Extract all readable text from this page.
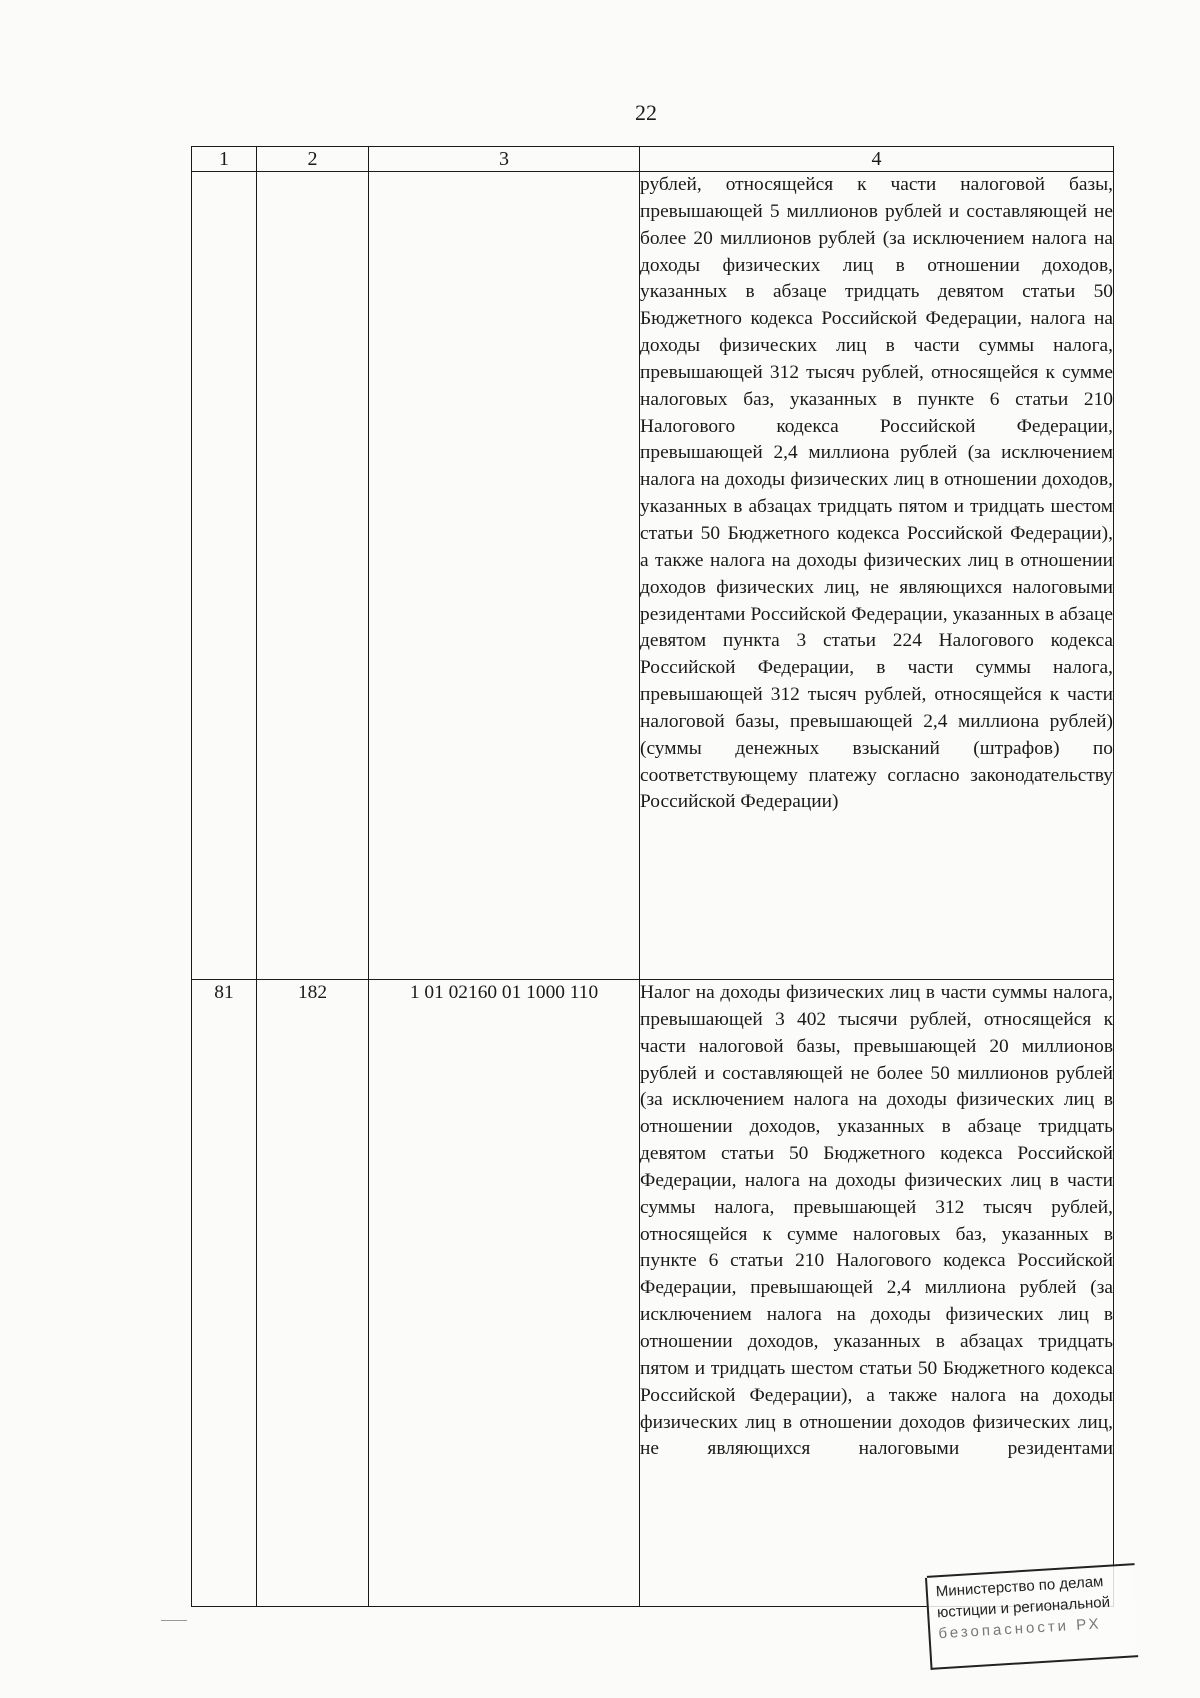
22
1	2	3	4
			рублей, относящейся к части налоговой базы, превышающей 5 миллионов рублей и составляющей не более 20 миллионов рублей (за исключением налога на доходы физических лиц в отношении доходов, указанных в абзаце тридцать девятом статьи 50 Бюджетного кодекса Российской Федерации, налога на доходы физических лиц в части суммы налога, превышающей 312 тысяч рублей, относящейся к сумме налоговых баз, указанных в пункте 6 статьи 210 Налогового кодекса Российской Федерации, превышающей 2,4 миллиона рублей (за исключением налога на доходы физических лиц в отношении доходов, указанных в абзацах тридцать пятом и тридцать шестом статьи 50 Бюджетного кодекса Российской Федерации), а также налога на доходы физических лиц в отношении доходов физических лиц, не являющихся налоговыми резидентами Российской Федерации, указанных в абзаце девятом пункта 3 статьи 224 Налогового кодекса Российской Федерации, в части суммы налога, превышающей 312 тысяч рублей, относящейся к части налоговой базы, превышающей 2,4 миллиона рублей) (суммы денежных взысканий (штрафов) по соответствующему платежу согласно законодательству Российской Федерации)
81	182	1 01 02160 01 1000 110	Налог на доходы физических лиц в части суммы налога, превышающей 3 402 тысячи рублей, относящейся к части налоговой базы, превышающей 20 миллионов рублей и составляющей не более 50 миллионов рублей (за исключением налога на доходы физических лиц в отношении доходов, указанных в абзаце тридцать девятом статьи 50 Бюджетного кодекса Российской Федерации, налога на доходы физических лиц в части суммы налога, превышающей 312 тысяч рублей, относящейся к сумме налоговых баз, указанных в пункте 6 статьи 210 Налогового кодекса Российской Федерации, превышающей 2,4 миллиона рублей (за исключением налога на доходы физических лиц в отношении доходов, указанных в абзацах тридцать пятом и тридцать шестом статьи 50 Бюджетного кодекса Российской Федерации), а также налога на доходы физических лиц в отношении доходов физических лиц, не являющихся налоговыми резидентами
Министерство по делам
юстиции и региональной
безопасности РХ
